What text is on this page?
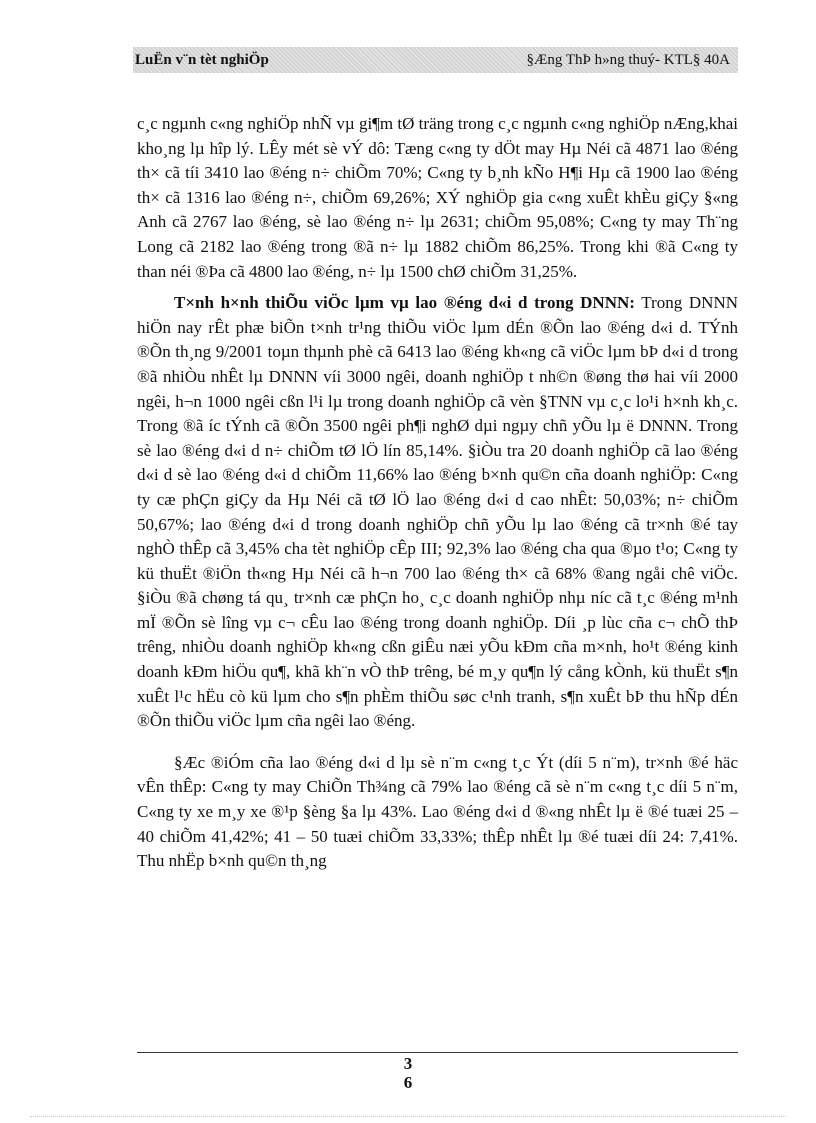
LuËn v¨n tèt nghiÖp	§Æng ThÞ h»ng thuý- KTL§ 40A

c¸c ngµnh c«ng nghiÖp nhÑ vµ gi¶m tØ träng trong c¸c ngµnh c«ng nghiÖp nÆng,khai kho¸ng lµ hîp lý. LÊy mét sè vÝ dô: Tæng c«ng ty dÖt may Hµ Néi cã 4871 lao ®éng th× cã tíi 3410 lao ®éng n÷ chiÕm 70%; C«ng ty b¸nh kÑo H¶i Hµ cã 1900 lao ®éng th× cã 1316 lao ®éng n÷, chiÕm 69,26%; XÝ nghiÖp gia c«ng xuÊt khÈu giÇy §«ng Anh cã 2767 lao ®éng, sè lao ®éng n÷ lµ 2631; chiÕm 95,08%; C«ng ty may Th¨ng Long cã 2182 lao ®éng trong ®ã n÷ lµ 1882 chiÕm 86,25%. Trong khi ®ã C«ng ty than néi ®Þa cã 4800 lao ®éng, n÷ lµ 1500 chØ chiÕm 31,25%.

T×nh h×nh thiÕu viÖc lµm vµ lao ®éng d«i d trong DNNN: Trong DNNN hiÖn nay rÊt phæ biÕn t×nh tr¹ng thiÕu viÖc lµm dÉn ®Õn lao ®éng d«i d. TÝnh ®Õn th¸ng 9/2001 toµn thµnh phè cã 6413 lao ®éng kh«ng cã viÖc lµm bÞ d«i d trong ®ã nhiÒu nhÊt lµ DNNN víi 3000 ngêi, doanh nghiÖp t nh©n ®øng thø hai víi 2000 ngêi, h¬n 1000 ngêi cßn l¹i lµ trong doanh nghiÖp cã vèn §TNN vµ c¸c lo¹i h×nh kh¸c. Trong ®ã íc tÝnh cã ®Õn 3500 ngêi ph¶i nghØ dµi ngµy chñ yÕu lµ ë DNNN. Trong sè lao ®éng d«i d n÷ chiÕm tØ lÖ lín 85,14%. §iÒu tra 20 doanh nghiÖp cã lao ®éng d«i d sè lao ®éng d«i d chiÕm 11,66% lao ®éng b×nh qu©n cña doanh nghiÖp: C«ng ty cæ phÇn giÇy da Hµ Néi cã tØ lÖ lao ®éng d«i d cao nhÊt: 50,03%; n÷ chiÕm 50,67%; lao ®éng d«i d trong doanh nghiÖp chñ yÕu lµ lao ®éng cã tr×nh ®é tay nghÒ thÊp cã 3,45% cha tèt nghiÖp cÊp III; 92,3% lao ®éng cha qua ®µo t¹o; C«ng ty kü thuËt ®iÖn th«ng Hµ Néi cã h¬n 700 lao ®éng th× cã 68% ®ang ngåi chê viÖc. §iÒu ®ã chøng tá qu¸ tr×nh cæ phÇn ho¸ c¸c doanh nghiÖp nhµ níc cã t¸c ®éng m¹nh mÏ ®Õn sè lîng vµ c¬ cÊu lao ®éng trong doanh nghiÖp. Díi ¸p lùc cña c¬ chÕ thÞ trêng, nhiÒu doanh nghiÖp kh«ng cßn giÊu næi yÕu kÐm cña m×nh, ho¹t ®éng kinh doanh kÐm hiÖu qu¶, khã kh¨n vÒ thÞ trêng, bé m¸y qu¶n lý cång kÒnh, kü thuËt s¶n xuÊt l¹c hËu cò kü lµm cho s¶n phÈm thiÕu søc c¹nh tranh, s¶n xuÊt bÞ thu hÑp dÉn ®Õn thiÕu viÖc lµm cña ngêi lao ®éng.

§Æc ®iÓm cña lao ®éng d«i d lµ sè n¨m c«ng t¸c Ýt (díi 5 n¨m), tr×nh ®é häc vÊn thÊp: C«ng ty may ChiÕn Th¾ng cã 79% lao ®éng cã sè n¨m c«ng t¸c díi 5 n¨m, C«ng ty xe m¸y xe ®¹p §èng §a lµ 43%. Lao ®éng d«i d ®«ng nhÊt lµ ë ®é tuæi 25 – 40 chiÕm 41,42%; 41 – 50 tuæi chiÕm 33,33%; thÊp nhÊt lµ ®é tuæi díi 24: 7,41%. Thu nhËp b×nh qu©n th¸ng

3
6
